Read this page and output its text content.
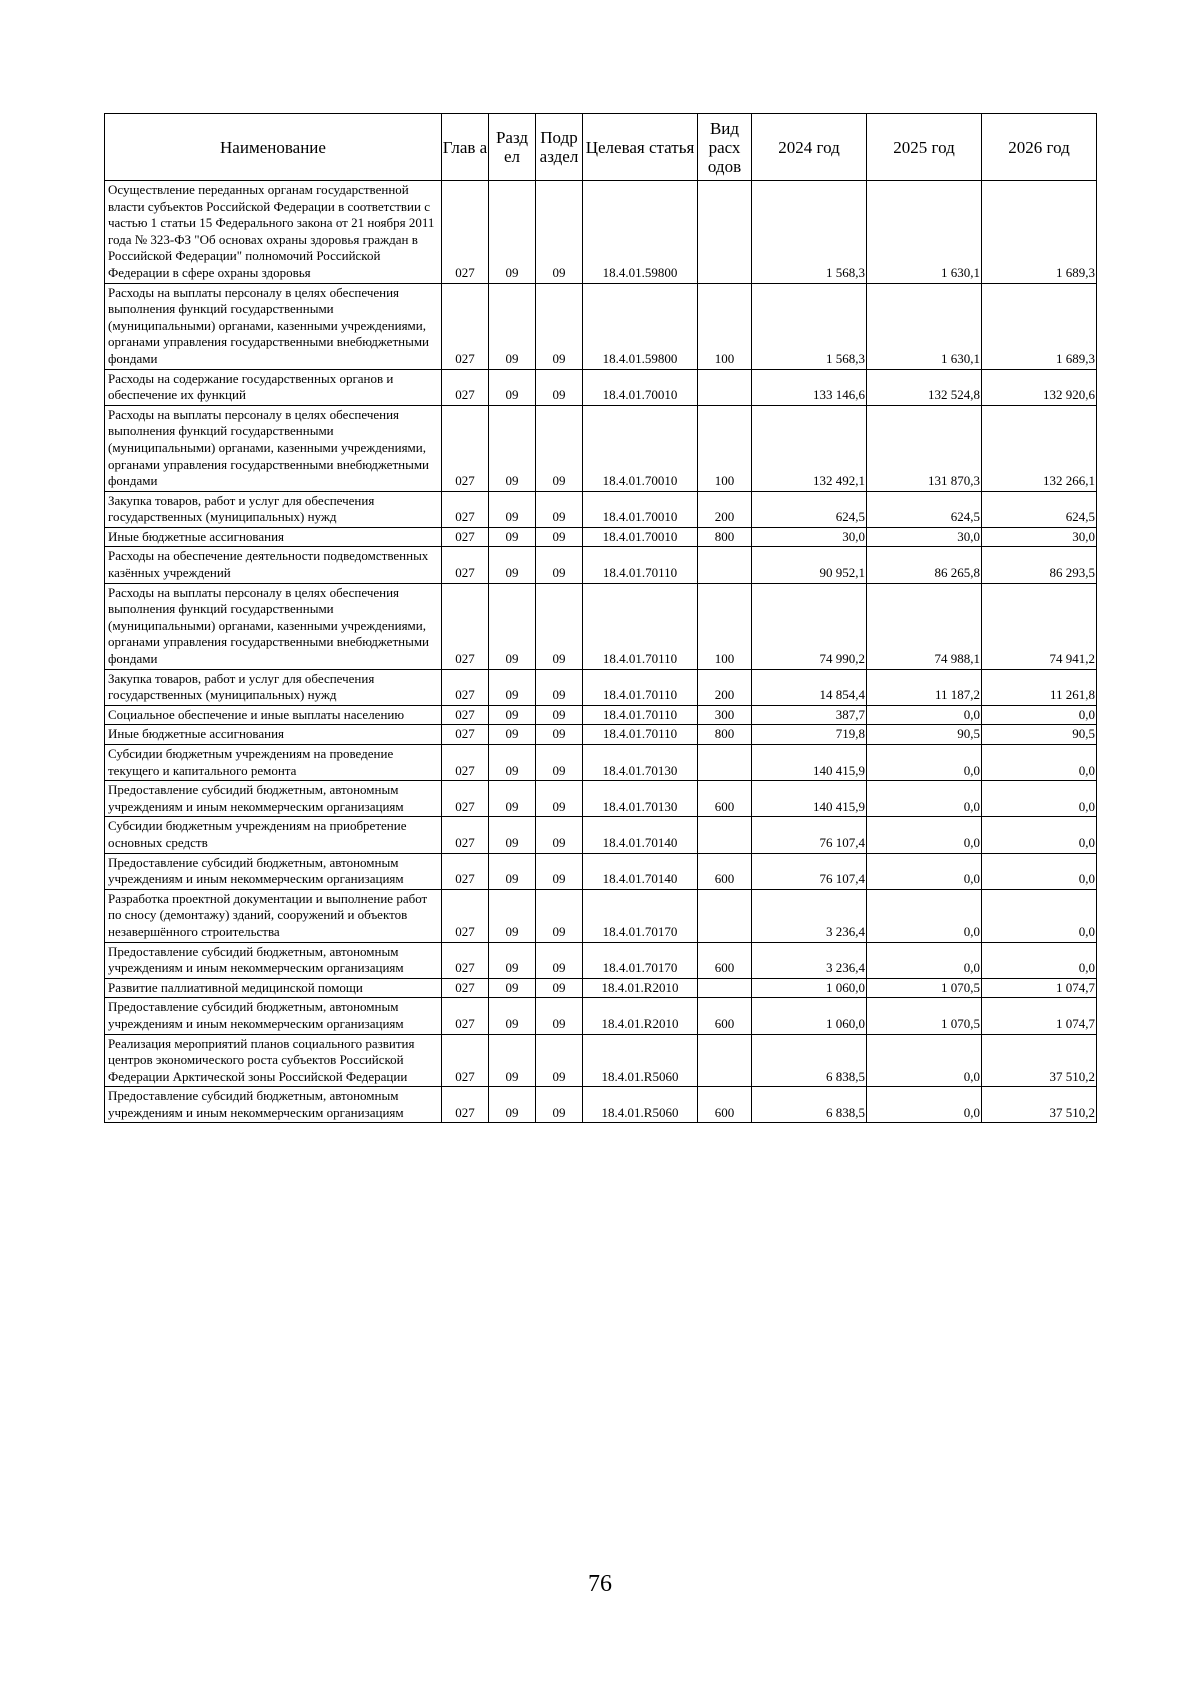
Наименование	Глав а	Разд ел	Подр аздел	Целевая статья	Вид расх одов	2024 год	2025 год	2026 год
Осуществление переданных органам государственной власти субъектов Российской Федерации в соответствии с частью 1 статьи 15 Федерального закона от 21 ноября 2011 года № 323-ФЗ "Об основах охраны здоровья граждан в Российской Федерации" полномочий Российской Федерации в сфере охраны здоровья	027	09	09	18.4.01.59800		1 568,3	1 630,1	1 689,3
Расходы на выплаты персоналу в целях обеспечения выполнения функций государственными (муниципальными) органами, казенными учреждениями, органами управления государственными внебюджетными фондами	027	09	09	18.4.01.59800	100	1 568,3	1 630,1	1 689,3
Расходы на содержание государственных органов и обеспечение их функций	027	09	09	18.4.01.70010		133 146,6	132 524,8	132 920,6
Расходы на выплаты персоналу в целях обеспечения выполнения функций государственными (муниципальными) органами, казенными учреждениями, органами управления государственными внебюджетными фондами	027	09	09	18.4.01.70010	100	132 492,1	131 870,3	132 266,1
Закупка товаров, работ и услуг для обеспечения государственных (муниципальных) нужд	027	09	09	18.4.01.70010	200	624,5	624,5	624,5
Иные бюджетные ассигнования	027	09	09	18.4.01.70010	800	30,0	30,0	30,0
Расходы на обеспечение деятельности подведомственных казённых учреждений	027	09	09	18.4.01.70110		90 952,1	86 265,8	86 293,5
Расходы на выплаты персоналу в целях обеспечения выполнения функций государственными (муниципальными) органами, казенными учреждениями, органами управления государственными внебюджетными фондами	027	09	09	18.4.01.70110	100	74 990,2	74 988,1	74 941,2
Закупка товаров, работ и услуг для обеспечения государственных (муниципальных) нужд	027	09	09	18.4.01.70110	200	14 854,4	11 187,2	11 261,8
Социальное обеспечение и иные выплаты населению	027	09	09	18.4.01.70110	300	387,7	0,0	0,0
Иные бюджетные ассигнования	027	09	09	18.4.01.70110	800	719,8	90,5	90,5
Субсидии бюджетным учреждениям на проведение текущего и капитального ремонта	027	09	09	18.4.01.70130		140 415,9	0,0	0,0
Предоставление субсидий бюджетным, автономным учреждениям и иным некоммерческим организациям	027	09	09	18.4.01.70130	600	140 415,9	0,0	0,0
Субсидии бюджетным учреждениям на приобретение основных средств	027	09	09	18.4.01.70140		76 107,4	0,0	0,0
Предоставление субсидий бюджетным, автономным учреждениям и иным некоммерческим организациям	027	09	09	18.4.01.70140	600	76 107,4	0,0	0,0
Разработка проектной документации и выполнение работ по сносу (демонтажу) зданий, сооружений и объектов незавершённого строительства	027	09	09	18.4.01.70170		3 236,4	0,0	0,0
Предоставление субсидий бюджетным, автономным учреждениям и иным некоммерческим организациям	027	09	09	18.4.01.70170	600	3 236,4	0,0	0,0
Развитие паллиативной медицинской помощи	027	09	09	18.4.01.R2010		1 060,0	1 070,5	1 074,7
Предоставление субсидий бюджетным, автономным учреждениям и иным некоммерческим организациям	027	09	09	18.4.01.R2010	600	1 060,0	1 070,5	1 074,7
Реализация мероприятий планов социального развития центров экономического роста субъектов Российской Федерации Арктической зоны Российской Федерации	027	09	09	18.4.01.R5060		6 838,5	0,0	37 510,2
Предоставление субсидий бюджетным, автономным учреждениям и иным некоммерческим организациям	027	09	09	18.4.01.R5060	600	6 838,5	0,0	37 510,2
76
